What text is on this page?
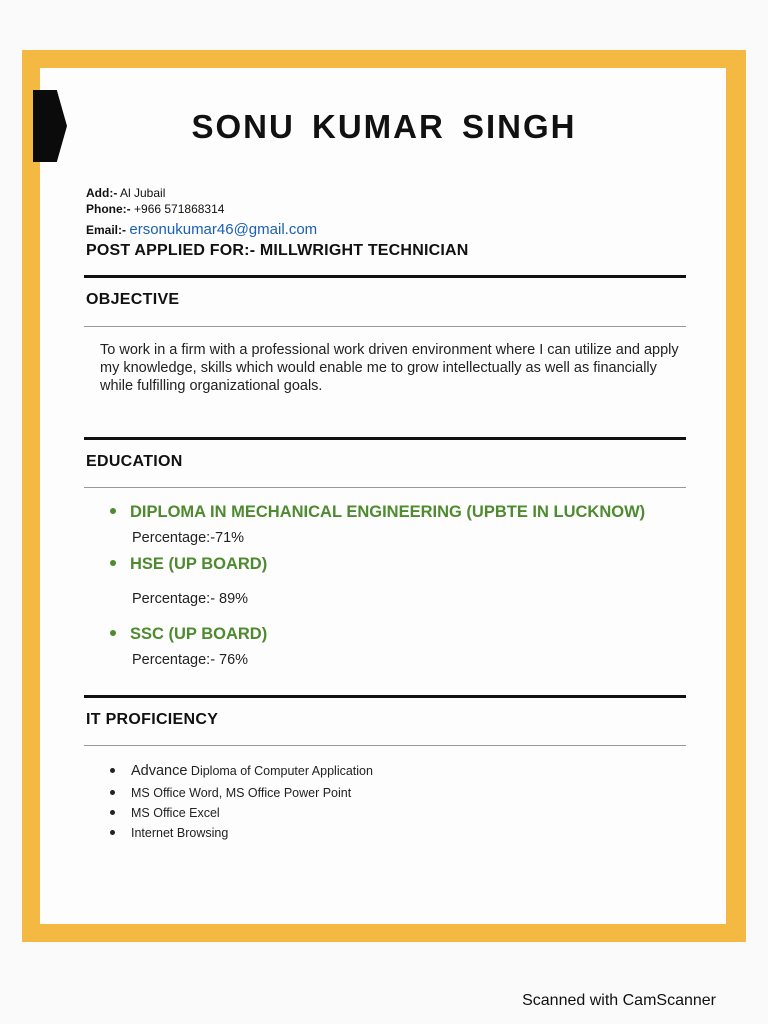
SONU KUMAR SINGH
Add:- Al Jubail
Phone:- +966 571868314
Email:- ersonukumar46@gmail.com
POST APPLIED FOR:- MILLWRIGHT TECHNICIAN
OBJECTIVE
To work in a firm with a professional work driven environment where I can utilize and apply my knowledge, skills which would enable me to grow intellectually as well as financially while fulfilling organizational goals.
EDUCATION
DIPLOMA IN MECHANICAL ENGINEERING (UPBTE IN LUCKNOW)
Percentage:-71%
HSE (UP BOARD)
Percentage:- 89%
SSC (UP BOARD)
Percentage:- 76%
IT PROFICIENCY
Advance Diploma of Computer Application
MS Office Word, MS Office Power Point
MS Office Excel
Internet Browsing
Scanned with CamScanner
